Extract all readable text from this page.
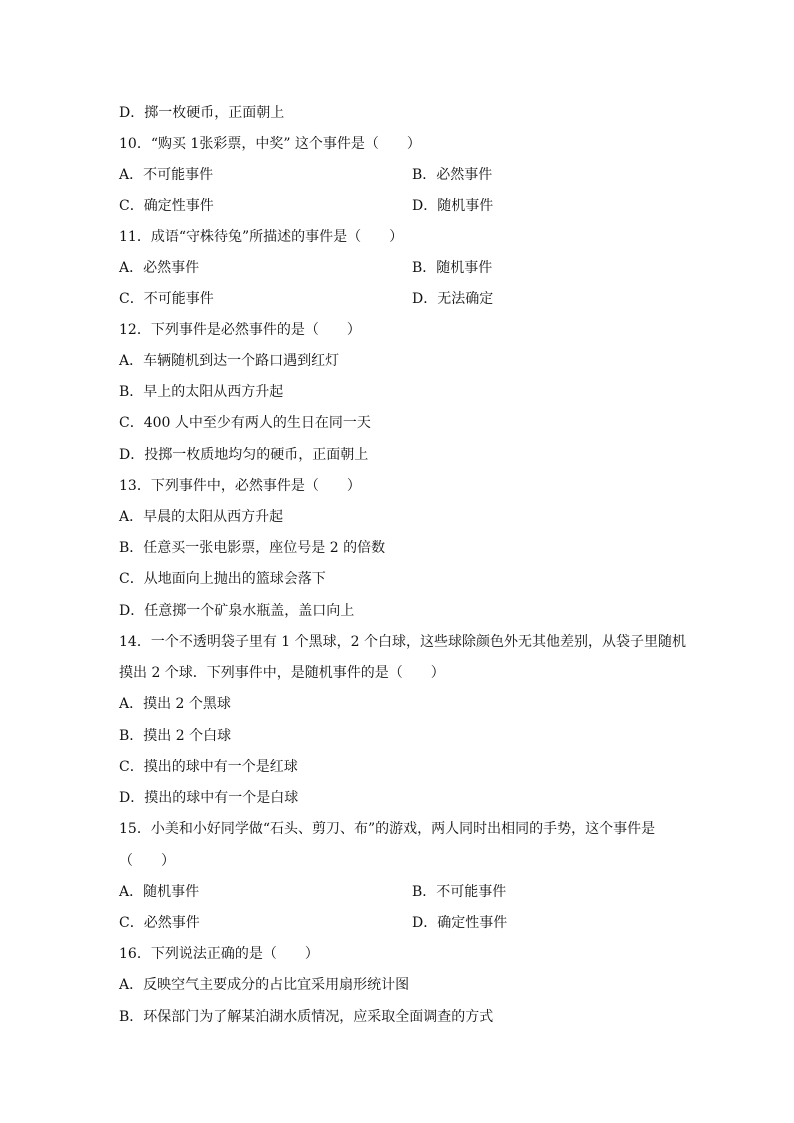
D．掷一枚硬币，正面朝上
10．“购买 1张彩票，中奖” 这个事件是（　　）
A．不可能事件	B．必然事件
C．确定性事件	D．随机事件
11．成语“守株待兔”所描述的事件是（　　）
A．必然事件	B．随机事件
C．不可能事件	D．无法确定
12．下列事件是必然事件的是（　　）
A．车辆随机到达一个路口遇到红灯
B．早上的太阳从西方升起
C．400 人中至少有两人的生日在同一天
D．投掷一枚质地均匀的硬币，正面朝上
13．下列事件中，必然事件是（　　）
A．早晨的太阳从西方升起
B．任意买一张电影票，座位号是 2 的倍数
C．从地面向上抛出的篮球会落下
D．任意掷一个矿泉水瓶盖，盖口向上
14．一个不透明袋子里有 1 个黑球，2 个白球，这些球除颜色外无其他差别，从袋子里随机
摸出 2 个球．下列事件中，是随机事件的是（　　）
A．摸出 2 个黑球
B．摸出 2 个白球
C．摸出的球中有一个是红球
D．摸出的球中有一个是白球
15．小美和小好同学做“石头、剪刀、布”的游戏，两人同时出相同的手势，这个事件是
（　　）
A．随机事件	B．不可能事件
C．必然事件	D．确定性事件
16．下列说法正确的是（　　）
A．反映空气主要成分的占比宜采用扇形统计图
B．环保部门为了解某泊湖水质情况，应采取全面调查的方式
